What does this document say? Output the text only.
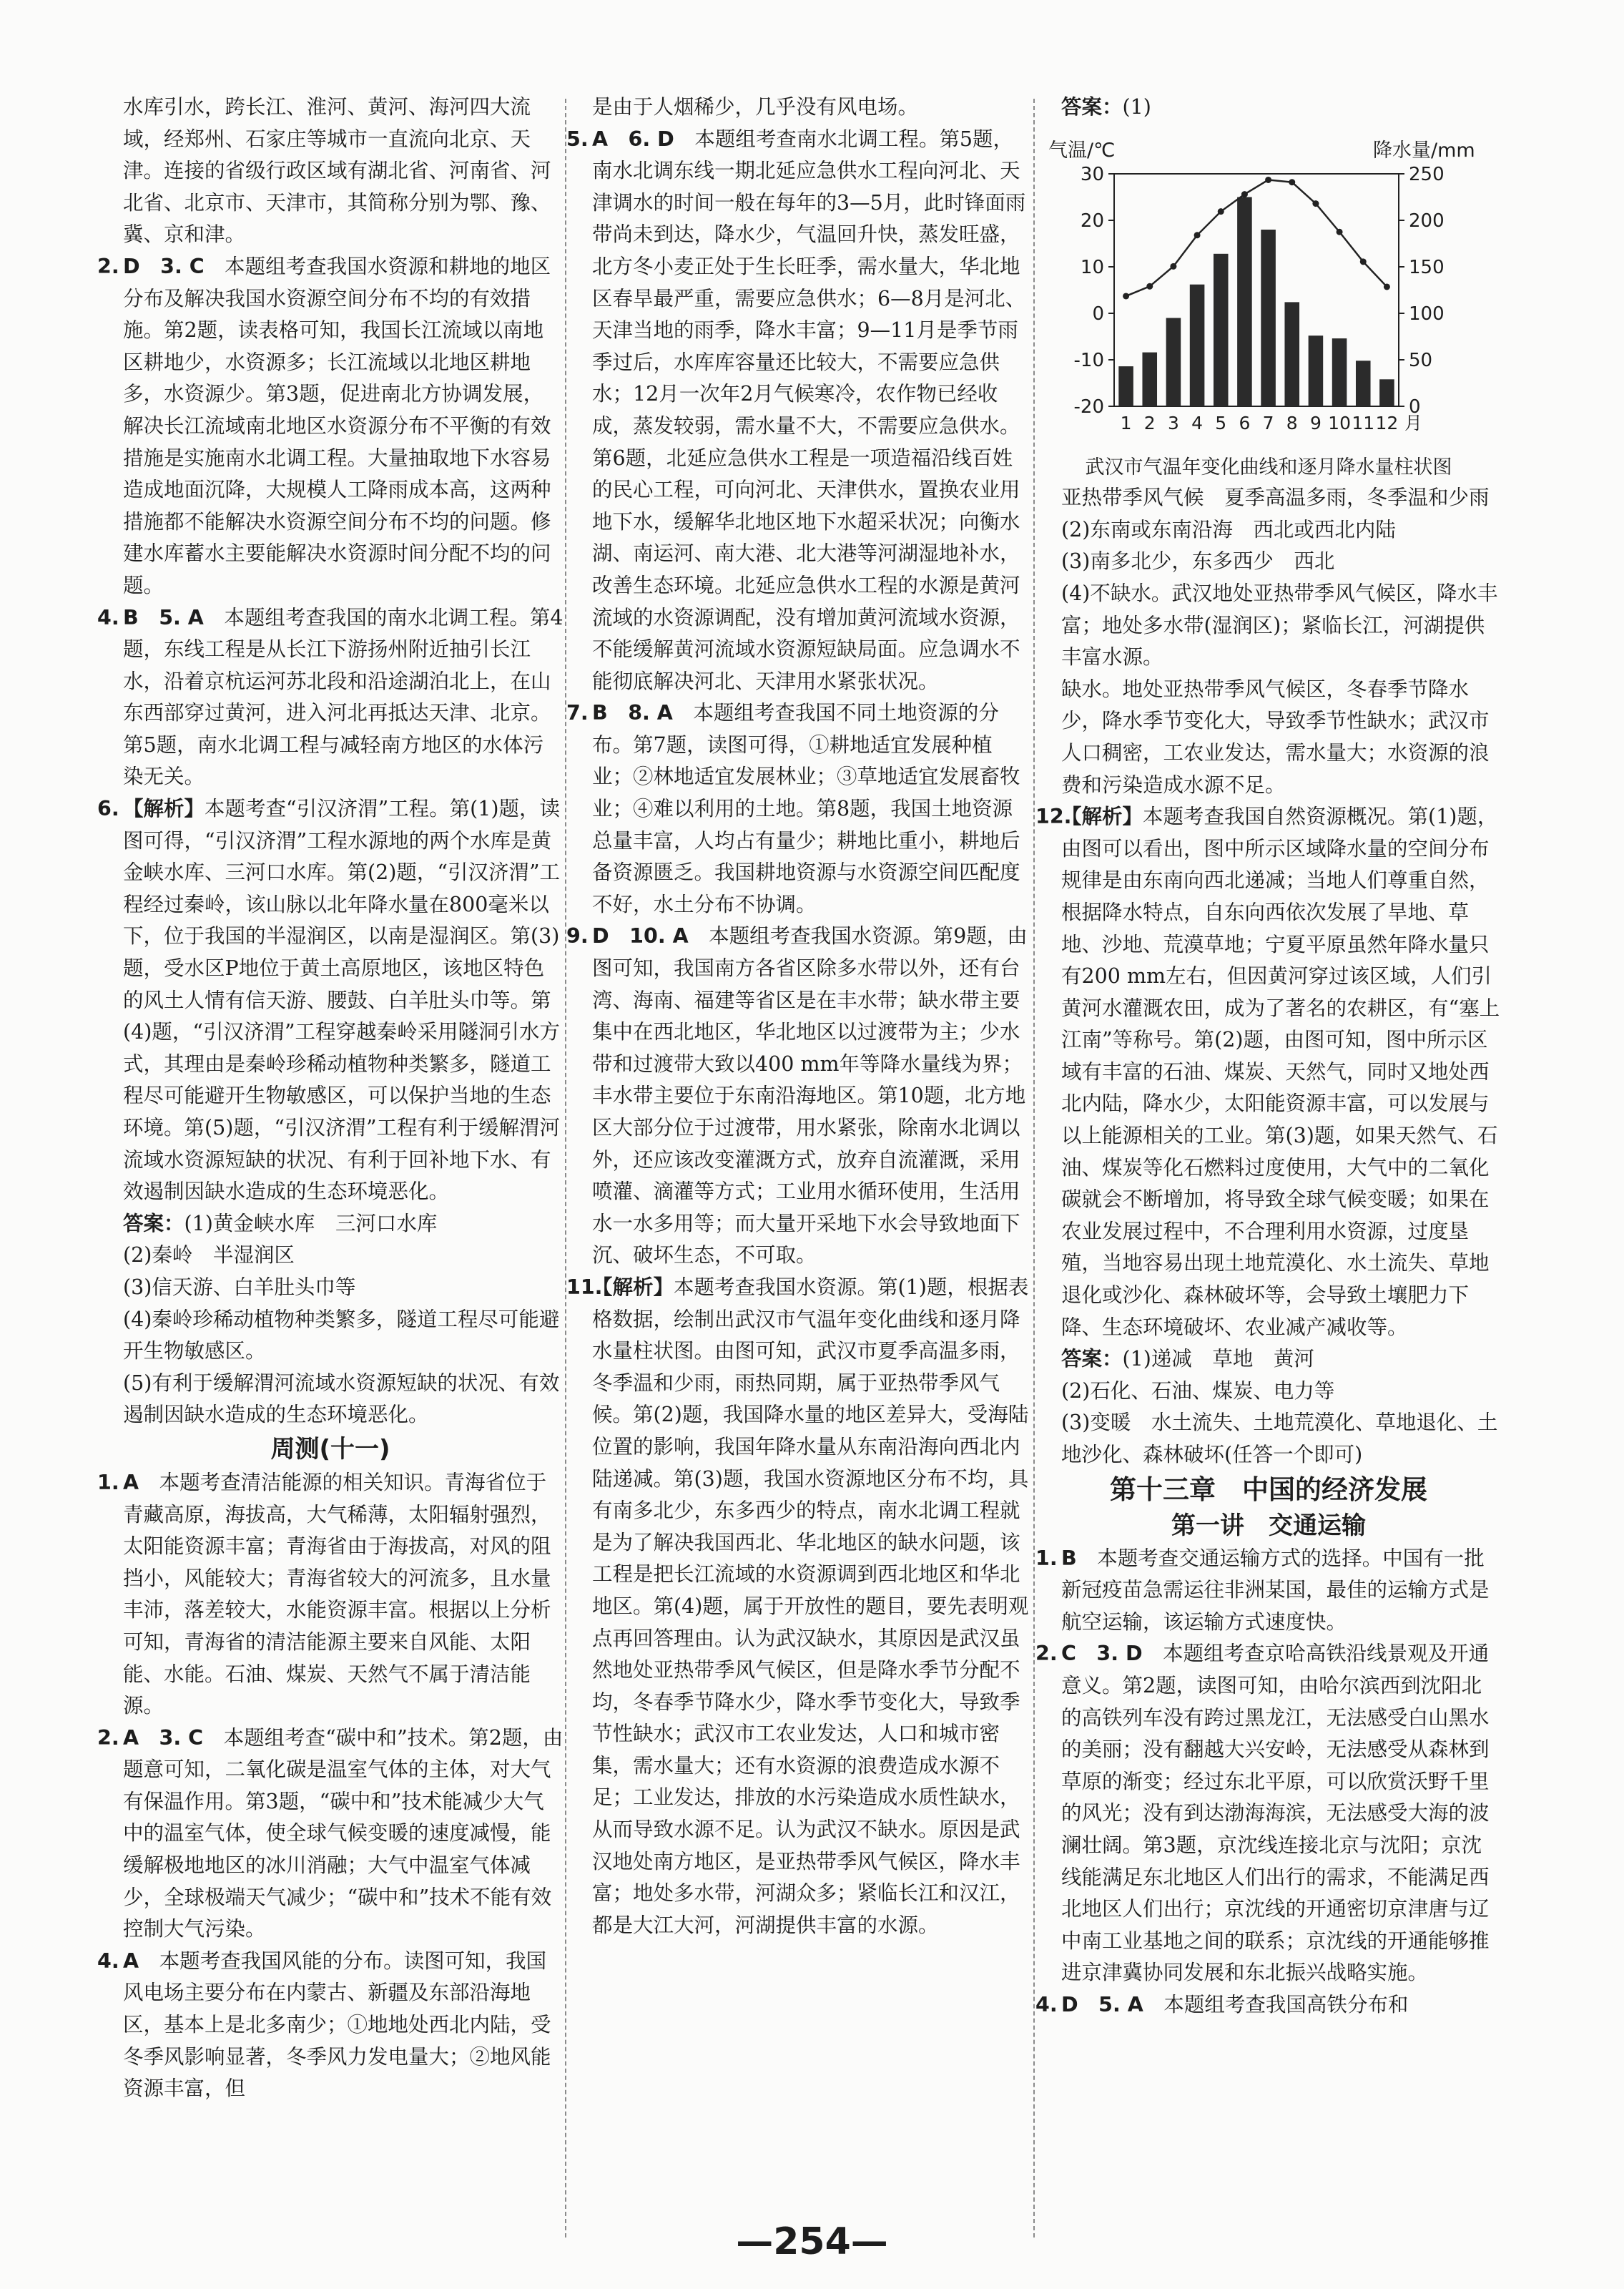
水库引水，跨长江、淮河、黄河、海河四大流域，经郑州、石家庄等城市一直流向北京、天津。连接的省级行政区域有湖北省、河南省、河北省、北京市、天津市，其简称分别为鄂、豫、冀、京和津。
2. D　3. C　 本题组考查我国水资源和耕地的地区分布及解决我国水资源空间分布不均的有效措施。第2题，读表格可知，我国长江流域以南地区耕地少，水资源多；长江流域以北地区耕地多，水资源少。第3题，促进南北方协调发展，解决长江流域南北地区水资源分布不平衡的有效措施是实施南水北调工程。大量抽取地下水容易造成地面沉降，大规模人工降雨成本高，这两种措施都不能解决水资源空间分布不均的问题。修建水库蓄水主要能解决水资源时间分配不均的问题。
4. B　5. A　 本题组考查我国的南水北调工程。第4题，东线工程是从长江下游扬州附近抽引长江水，沿着京杭运河苏北段和沿途湖泊北上，在山东西部穿过黄河，进入河北再抵达天津、北京。第5题，南水北调工程与减轻南方地区的水体污染无关。
6. 【解析】本题考查“引汉济渭”工程。第(1)题，读图可得，“引汉济渭”工程水源地的两个水库是黄金峡水库、三河口水库。第(2)题，“引汉济渭”工程经过秦岭，该山脉以北年降水量在800毫米以下，位于我国的半湿润区，以南是湿润区。第(3)题，受水区P地位于黄土高原地区，该地区特色的风土人情有信天游、腰鼓、白羊肚头巾等。第(4)题，“引汉济渭”工程穿越秦岭采用隧洞引水方式，其理由是秦岭珍稀动植物种类繁多，隧道工程尽可能避开生物敏感区，可以保护当地的生态环境。第(5)题，“引汉济渭”工程有利于缓解渭河流域水资源短缺的状况、有利于回补地下水、有效遏制因缺水造成的生态环境恶化。
答案：(1)黄金峡水库　三河口水库
(2)秦岭　半湿润区
(3)信天游、白羊肚头巾等
(4)秦岭珍稀动植物种类繁多，隧道工程尽可能避开生物敏感区。
(5)有利于缓解渭河流域水资源短缺的状况、有效遏制因缺水造成的生态环境恶化。
周测(十一)
1. A　 本题考查清洁能源的相关知识。青海省位于青藏高原，海拔高，大气稀薄，太阳辐射强烈，太阳能资源丰富；青海省由于海拔高，对风的阻挡小，风能较大；青海省较大的河流多，且水量丰沛，落差较大，水能资源丰富。根据以上分析可知，青海省的清洁能源主要来自风能、太阳能、水能。石油、煤炭、天然气不属于清洁能源。
2. A　3. C　 本题组考查“碳中和”技术。第2题，由题意可知，二氧化碳是温室气体的主体，对大气有保温作用。第3题，“碳中和”技术能减少大气中的温室气体，使全球气候变暖的速度减慢，能缓解极地地区的冰川消融；大气中温室气体减少，全球极端天气减少；“碳中和”技术不能有效控制大气污染。
4. A　 本题考查我国风能的分布。读图可知，我国风电场主要分布在内蒙古、新疆及东部沿海地区，基本上是北多南少；①地地处西北内陆，受冬季风影响显著，冬季风力发电量大；②地风能资源丰富，但
是由于人烟稀少，几乎没有风电场。
5. A　6. D　 本题组考查南水北调工程。第5题，南水北调东线一期北延应急供水工程向河北、天津调水的时间一般在每年的3—5月，此时锋面雨带尚未到达，降水少，气温回升快，蒸发旺盛，北方冬小麦正处于生长旺季，需水量大，华北地区春旱最严重，需要应急供水；6—8月是河北、天津当地的雨季，降水丰富；9—11月是季节雨季过后，水库库容量还比较大，不需要应急供水；12月一次年2月气候寒冷，农作物已经收成，蒸发较弱，需水量不大，不需要应急供水。第6题，北延应急供水工程是一项造福沿线百姓的民心工程，可向河北、天津供水，置换农业用地下水，缓解华北地区地下水超采状况；向衡水湖、南运河、南大港、北大港等河湖湿地补水，改善生态环境。北延应急供水工程的水源是黄河流域的水资源调配，没有增加黄河流域水资源，不能缓解黄河流域水资源短缺局面。应急调水不能彻底解决河北、天津用水紧张状况。
7. B　8. A　 本题组考查我国不同土地资源的分布。第7题，读图可得，①耕地适宜发展种植业；②林地适宜发展林业；③草地适宜发展畜牧业；④难以利用的土地。第8题，我国土地资源总量丰富，人均占有量少；耕地比重小，耕地后备资源匮乏。我国耕地资源与水资源空间匹配度不好，水土分布不协调。
9. D　10. A　 本题组考查我国水资源。第9题，由图可知，我国南方各省区除多水带以外，还有台湾、海南、福建等省区是在丰水带；缺水带主要集中在西北地区，华北地区以过渡带为主；少水带和过渡带大致以400 mm年等降水量线为界；丰水带主要位于东南沿海地区。第10题，北方地区大部分位于过渡带，用水紧张，除南水北调以外，还应该改变灌溉方式，放弃自流灌溉，采用喷灌、滴灌等方式；工业用水循环使用，生活用水一水多用等；而大量开采地下水会导致地面下沉、破坏生态，不可取。
11.
【解析】本题考查我国水资源。第(1)题，根据表格数据，绘制出武汉市气温年变化曲线和逐月降水量柱状图。由图可知，武汉市夏季高温多雨，冬季温和少雨，雨热同期，属于亚热带季风气候。第(2)题，我国降水量的地区差异大，受海陆位置的影响，我国年降水量从东南沿海向西北内陆递减。第(3)题，我国水资源地区分布不均，具有南多北少，东多西少的特点，南水北调工程就是为了解决我国西北、华北地区的缺水问题，该工程是把长江流域的水资源调到西北地区和华北地区。第(4)题，属于开放性的题目，要先表明观点再回答理由。认为武汉缺水，其原因是武汉虽然地处亚热带季风气候区，但是降水季节分配不均，冬春季节降水少，降水季节变化大，导致季节性缺水；武汉市工农业发达，人口和城市密集，需水量大；还有水资源的浪费造成水源不足；工业发达，排放的水污染造成水质性缺水，从而导致水源不足。认为武汉不缺水。原因是武汉地处南方地区，是亚热带季风气候区，降水丰富；地处多水带，河湖众多；紧临长江和汉江，都是大江大河，河湖提供丰富的水源。
答案：(1)
气温/℃	降水量/mm
30
20
10
0
-10
-20
250
200
150
100
50
0
1 2 3 4 5 6 7 8 9 10 11 12 月
武汉市气温年变化曲线和逐月降水量柱状图
亚热带季风气候　夏季高温多雨，冬季温和少雨
(2)东南或东南沿海　西北或西北内陆
(3)南多北少，东多西少　西北
(4)不缺水。武汉地处亚热带季风气候区，降水丰富；地处多水带(湿润区)；紧临长江，河湖提供丰富水源。
缺水。地处亚热带季风气候区，冬春季节降水少，降水季节变化大，导致季节性缺水；武汉市人口稠密，工农业发达，需水量大；水资源的浪费和污染造成水源不足。
12.
【解析】本题考查我国自然资源概况。第(1)题，由图可以看出，图中所示区域降水量的空间分布规律是由东南向西北递减；当地人们尊重自然，根据降水特点，自东向西依次发展了旱地、草地、沙地、荒漠草地；宁夏平原虽然年降水量只有200 mm左右，但因黄河穿过该区域，人们引黄河水灌溉农田，成为了著名的农耕区，有“塞上江南”等称号。第(2)题，由图可知，图中所示区域有丰富的石油、煤炭、天然气，同时又地处西北内陆，降水少，太阳能资源丰富，可以发展与以上能源相关的工业。第(3)题，如果天然气、石油、煤炭等化石燃料过度使用，大气中的二氧化碳就会不断增加，将导致全球气候变暖；如果在农业发展过程中，不合理利用水资源，过度垦殖，当地容易出现土地荒漠化、水土流失、草地退化或沙化、森林破坏等，会导致土壤肥力下降、生态环境破坏、农业减产减收等。
答案：(1)递减　草地　黄河
(2)石化、石油、煤炭、电力等
(3)变暖　水土流失、土地荒漠化、草地退化、土地沙化、森林破坏(任答一个即可)
第十三章　中国的经济发展
第一讲　交通运输
1. B　 本题考查交通运输方式的选择。中国有一批新冠疫苗急需运往非洲某国，最佳的运输方式是航空运输，该运输方式速度快。
2. C　3. D　 本题组考查京哈高铁沿线景观及开通意义。第2题，读图可知，由哈尔滨西到沈阳北的高铁列车没有跨过黑龙江，无法感受白山黑水的美丽；没有翻越大兴安岭，无法感受从森林到草原的渐变；经过东北平原，可以欣赏沃野千里的风光；没有到达渤海海滨，无法感受大海的波澜壮阔。第3题，京沈线连接北京与沈阳；京沈线能满足东北地区人们出行的需求，不能满足西北地区人们出行；京沈线的开通密切京津唐与辽中南工业基地之间的联系；京沈线的开通能够推进京津冀协同发展和东北振兴战略实施。
4. D　5. A　 本题组考查我国高铁分布和
—254—
